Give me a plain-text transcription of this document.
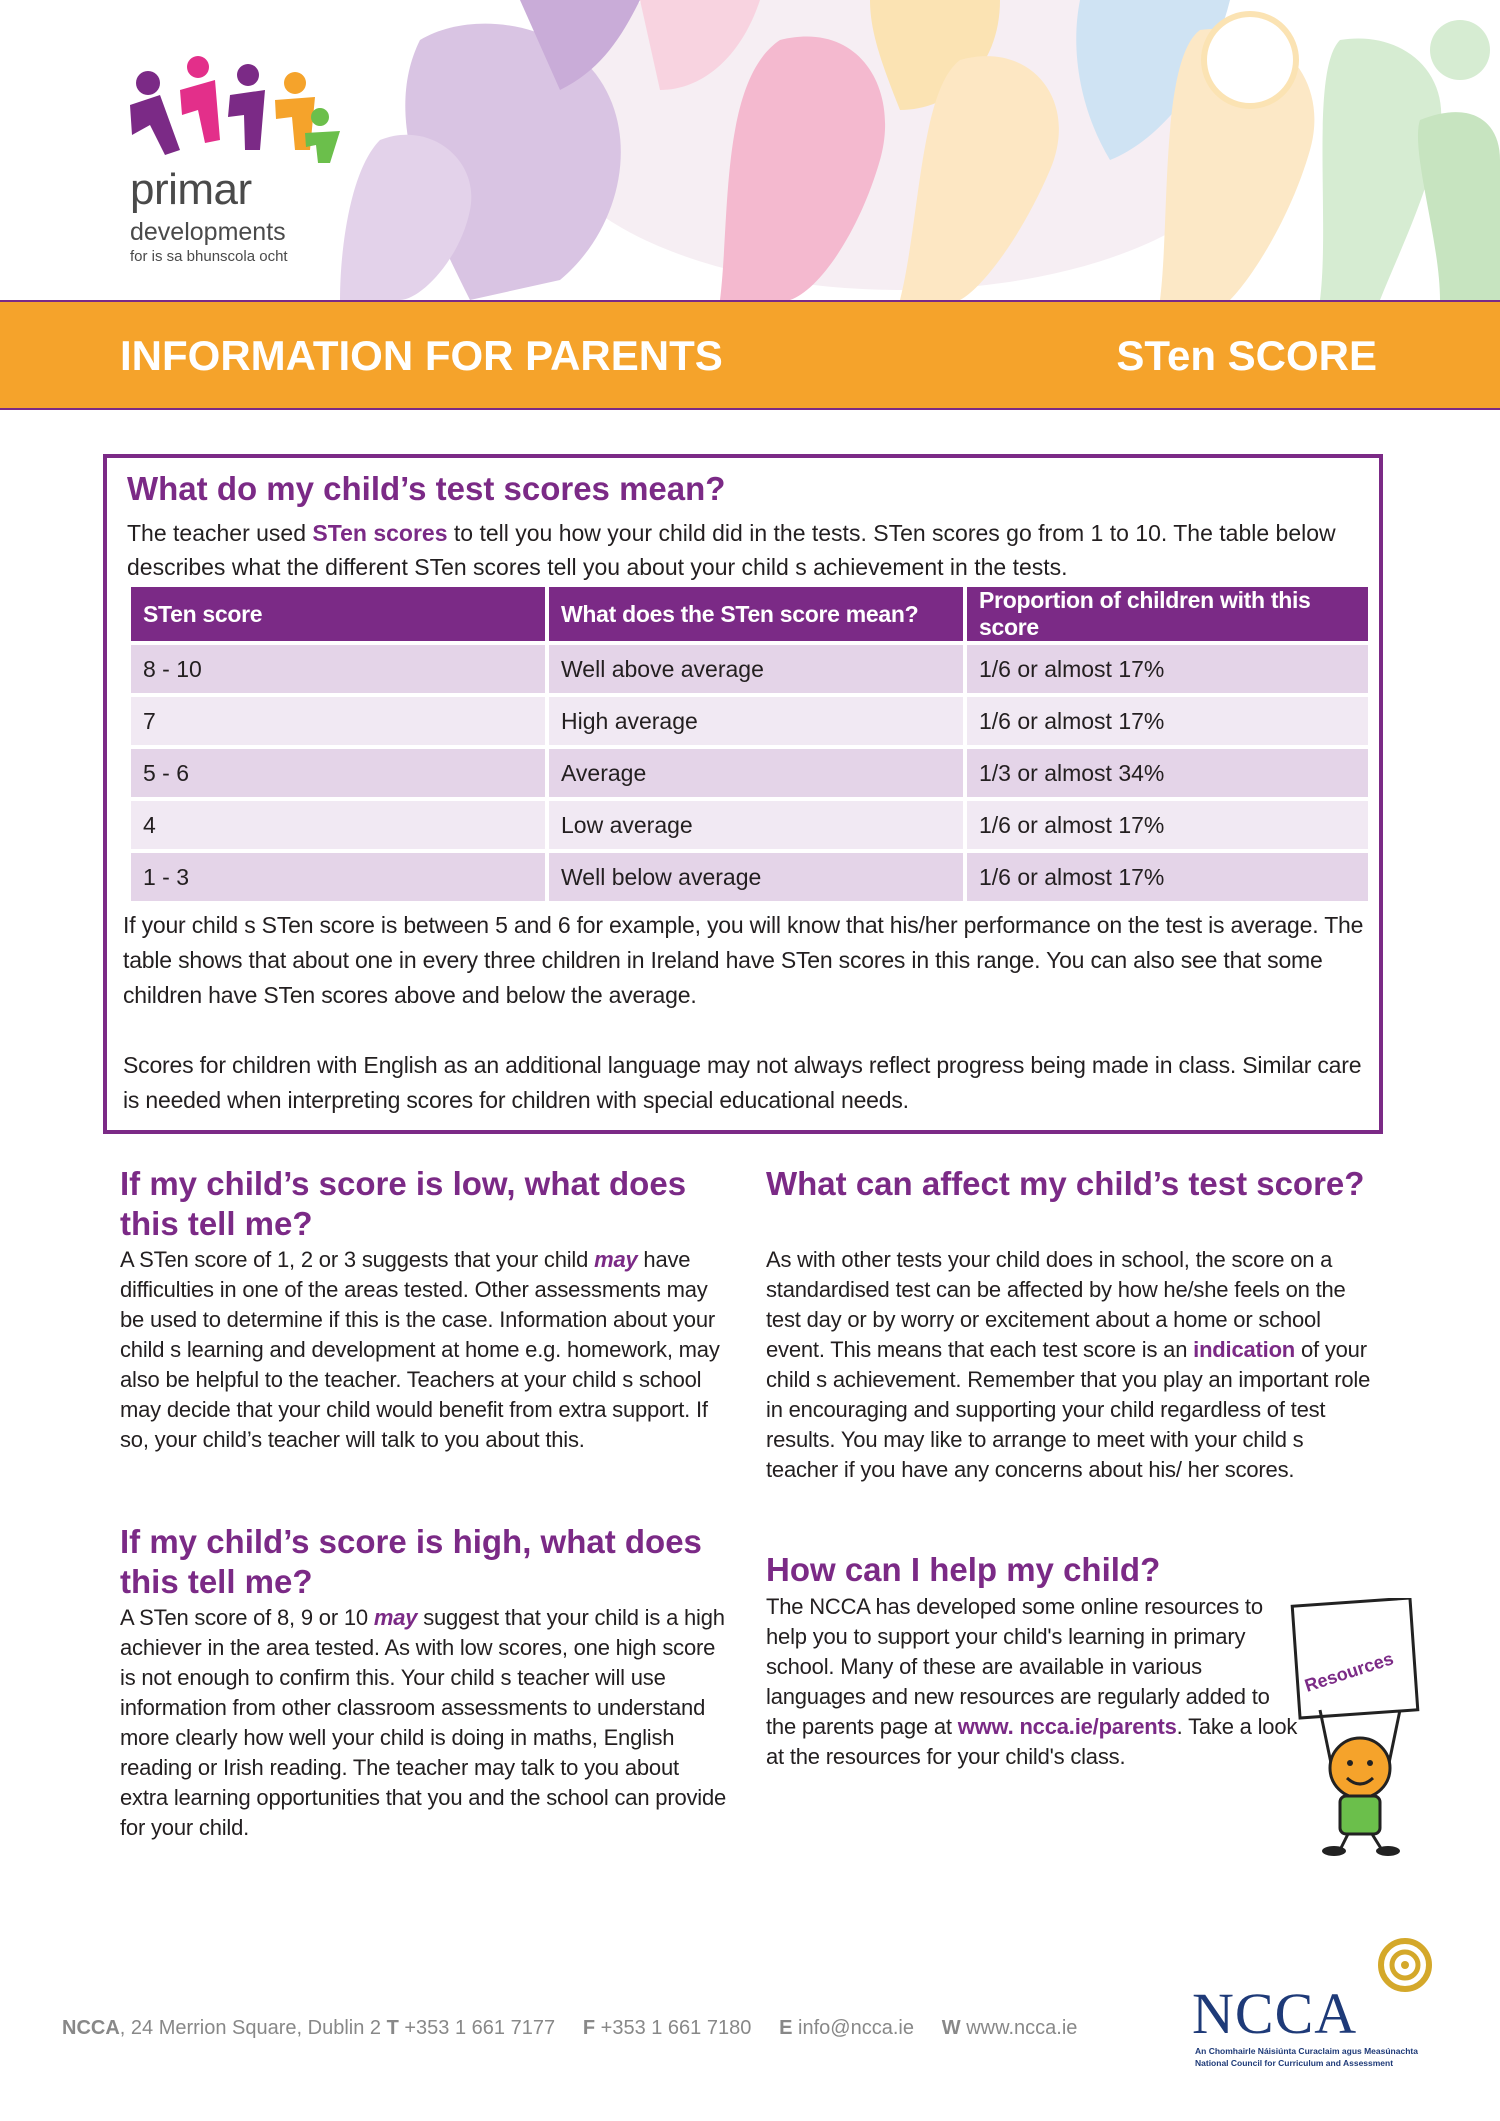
primar
developments
for is sa bhunscola ocht
INFORMATION FOR PARENTS	STen SCORE
What do my child’s test scores mean?
The teacher used STen scores to tell you how your child did in the tests. STen scores go from 1 to 10. The table below describes what the different STen scores tell you about your child s achievement in the tests.
STen score	What does the STen score mean?	Proportion of children with this score
8 - 10	Well above average	1/6 or almost 17%
7	High average	1/6 or almost 17%
5 - 6	Average	1/3 or almost 34%
4	Low average	1/6 or almost 17%
1 - 3	Well below average	1/6 or almost 17%
If your child s STen score is between 5 and 6 for example, you will know that his/her performance on the test is average. The table shows that about one in every three children in Ireland have STen scores in this range. You can also see that some children have STen scores above and below the average.
Scores for children with English as an additional language may not always reflect progress being made in class. Similar care is needed when interpreting scores for children with special educational needs.
If my child’s score is low, what does this tell me?
A STen score of 1, 2 or 3 suggests that your child may have difficulties in one of the areas tested. Other assessments may be used to determine if this is the case. Information about your child s learning and development at home e.g. homework, may also be helpful to the teacher. Teachers at your child s school may decide that your child would benefit from extra support. If so, your child’s teacher will talk to you about this.
If my child’s score is high, what does this tell me?
A STen score of 8, 9 or 10 may suggest that your child is a high achiever in the area tested. As with low scores, one high score is not enough to confirm this. Your child s teacher will use information from other classroom assessments to understand more clearly how well your child is doing in maths, English reading or Irish reading. The teacher may talk to you about extra learning opportunities that you and the school can provide for your child.
What can affect my child’s test score?
As with other tests your child does in school, the score on a standardised test can be affected by how he/she feels on the test day or by worry or excitement about a home or school event. This means that each test score is an indication of your child s achievement. Remember that you play an important role in encouraging and supporting your child regardless of test results. You may like to arrange to meet with your child s teacher if you have any concerns about his/ her scores.
How can I help my child?
The NCCA has developed some online resources to help you to support your child's learning in primary school. Many of these are available in various languages and new resources are regularly added to the parents page at www. ncca.ie/parents. Take a look at the resources for your child's class.
Resources
NCCA, 24 Merrion Square, Dublin 2 T +353 1 661 7177 F +353 1 661 7180 E info@ncca.ie W www.ncca.ie NCCA
An Chomhairle Náisiúnta Curaclaim agus Measúnachta
National Council for Curriculum and Assessment
